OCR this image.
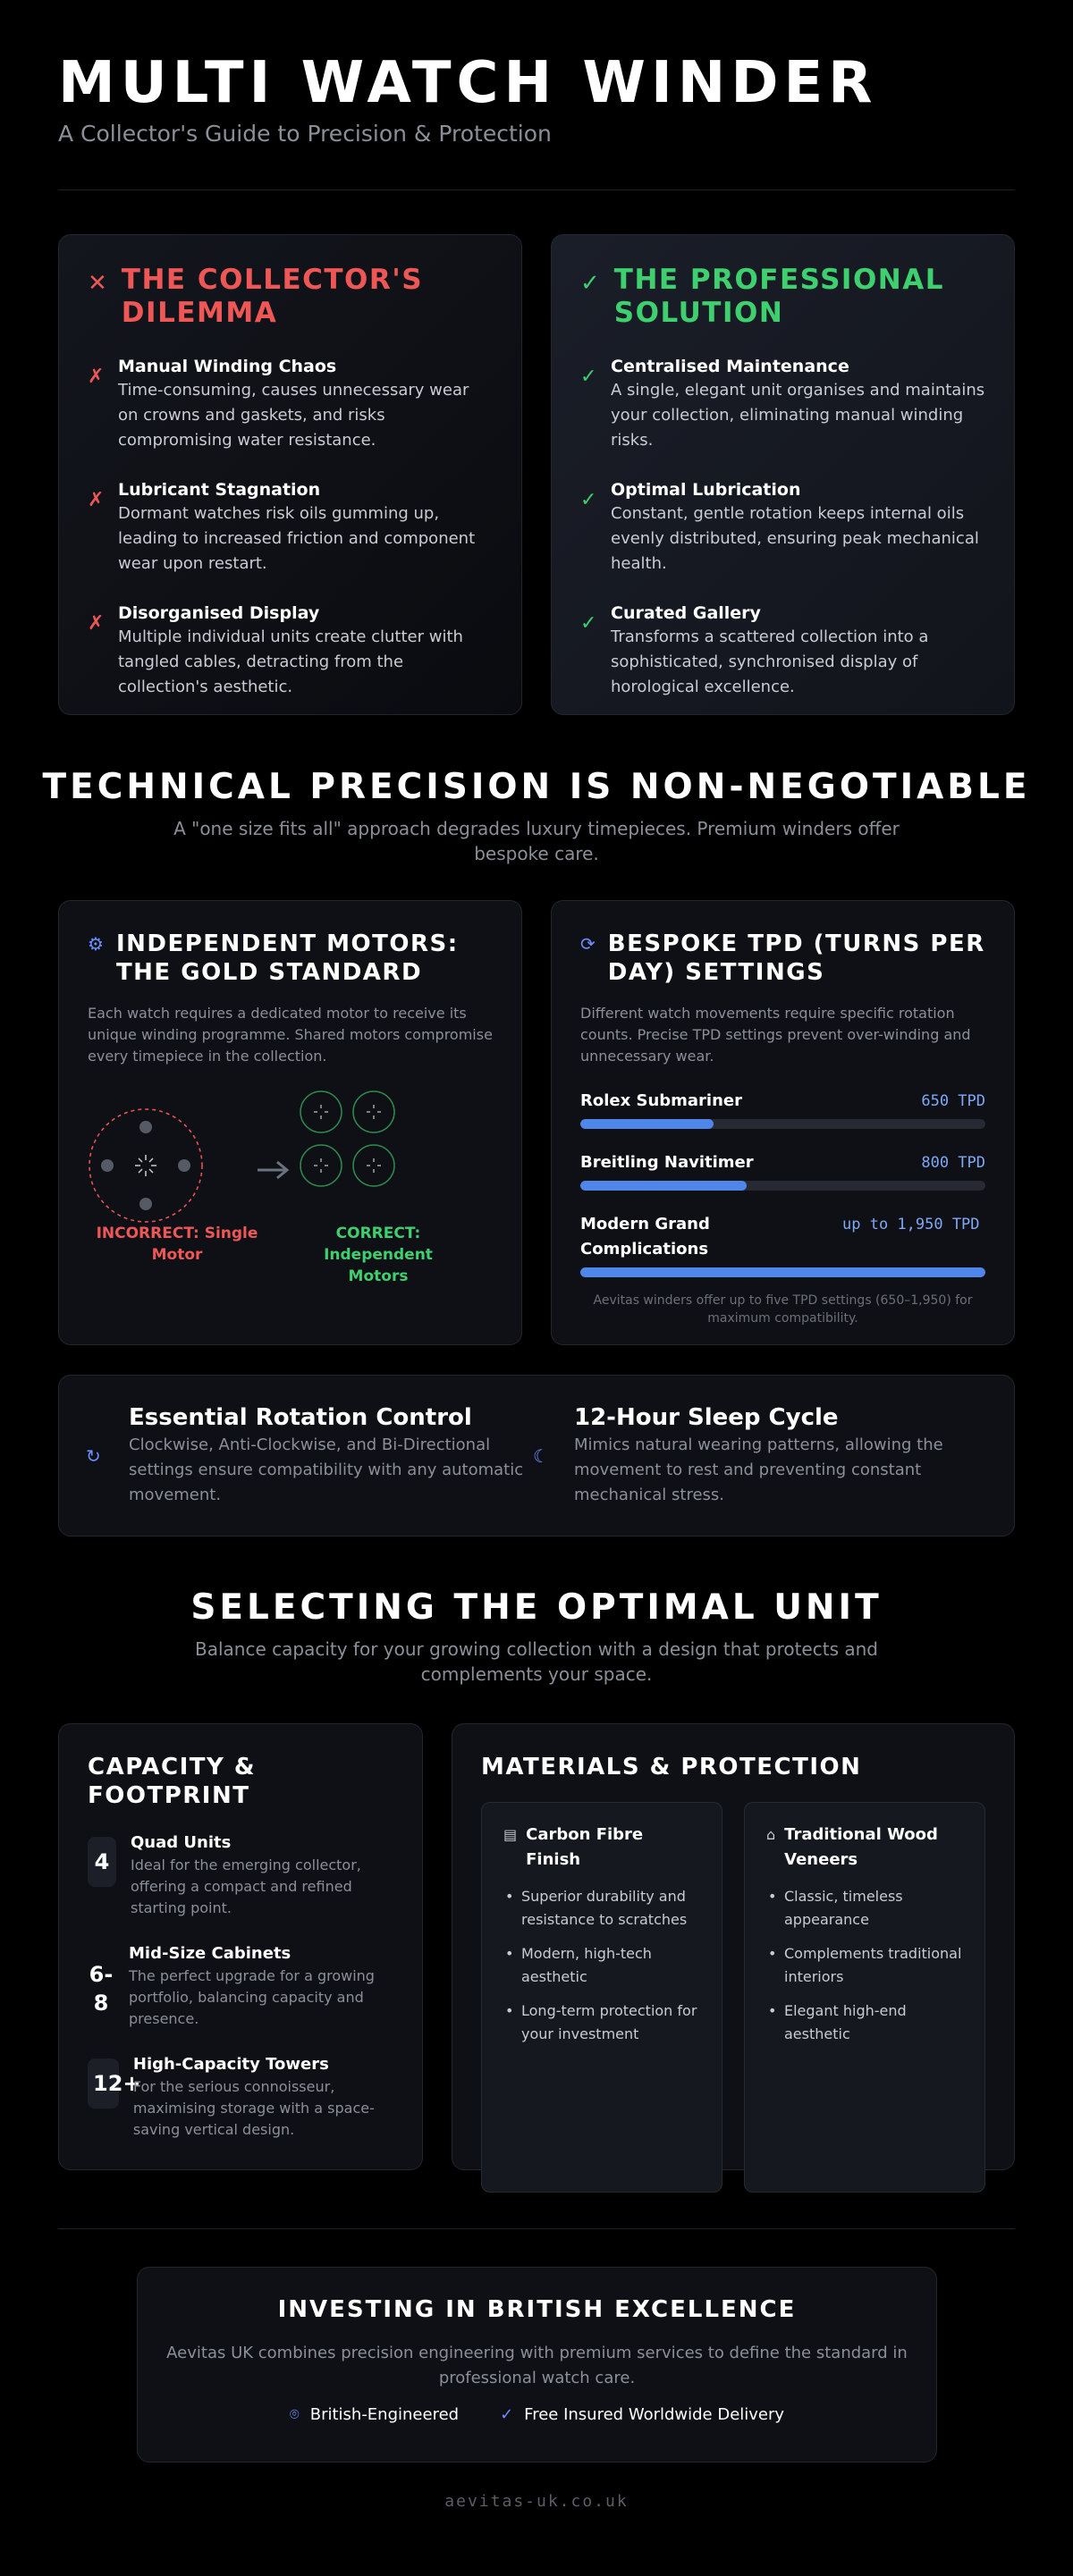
MULTI WATCH WINDER
A Collector's Guide to Precision & Protection
✕ THE COLLECTOR'S DILEMMA
✗ Manual Winding Chaos

Time-consuming, causes unnecessary wear on crowns and gaskets, and risks compromising water resistance.

✗ Lubricant Stagnation

Dormant watches risk oils gumming up, leading to increased friction and component wear upon restart.

✗ Disorganised Display

Multiple individual units create clutter with tangled cables, detracting from the collection's aesthetic.

✓ THE PROFESSIONAL SOLUTION
✓ Centralised Maintenance

A single, elegant unit organises and maintains your collection, eliminating manual winding risks.

✓ Optimal Lubrication

Constant, gentle rotation keeps internal oils evenly distributed, ensuring peak mechanical health.

✓ Curated Gallery

Transforms a scattered collection into a sophisticated, synchronised display of horological excellence.

TECHNICAL PRECISION IS NON-NEGOTIABLE

A "one size fits all" approach degrades luxury timepieces. Premium winders offer bespoke care.

⚙ INDEPENDENT MOTORS: THE GOLD STANDARD

Each watch requires a dedicated motor to receive its unique winding programme. Shared motors compromise every timepiece in the collection.

INCORRECT: Single Motor
CORRECT: Independent Motors
⟳ BESPOKE TPD (TURNS PER DAY) SETTINGS

Different watch movements require specific rotation counts. Precise TPD settings prevent over-winding and unnecessary wear.

Rolex Submariner	650 TPD
Breitling Navitimer	800 TPD
Modern Grand Complications
up to 1,950 TPD

Aevitas winders offer up to five TPD settings (650–1,950) for maximum compatibility.

↻
Essential Rotation Control

Clockwise, Anti-Clockwise, and Bi-Directional settings ensure compatibility with any automatic movement.

☾
12-Hour Sleep Cycle

Mimics natural wearing patterns, allowing the movement to rest and preventing constant mechanical stress.

SELECTING THE OPTIMAL UNIT

Balance capacity for your growing collection with a design that protects and complements your space.

CAPACITY & FOOTPRINT
4
Quad Units

Ideal for the emerging collector, offering a compact and refined starting point.

6-8
Mid-Size Cabinets

The perfect upgrade for a growing portfolio, balancing capacity and presence.

12+
High-Capacity Towers

For the serious connoisseur, maximising storage with a space-saving vertical design.

MATERIALS & PROTECTION
▤ Carbon Fibre Finish
• Superior durability and resistance to scratches
• Modern, high-tech aesthetic
• Long-term protection for your investment
⌂ Traditional Wood Veneers
• Classic, timeless appearance
• Complements traditional interiors
• Elegant high-end aesthetic
INVESTING IN BRITISH EXCELLENCE

Aevitas UK combines precision engineering with premium services to define the standard in professional watch care.

⌾ British-Engineered	✓ Free Insured Worldwide Delivery
aevitas-uk.co.uk
